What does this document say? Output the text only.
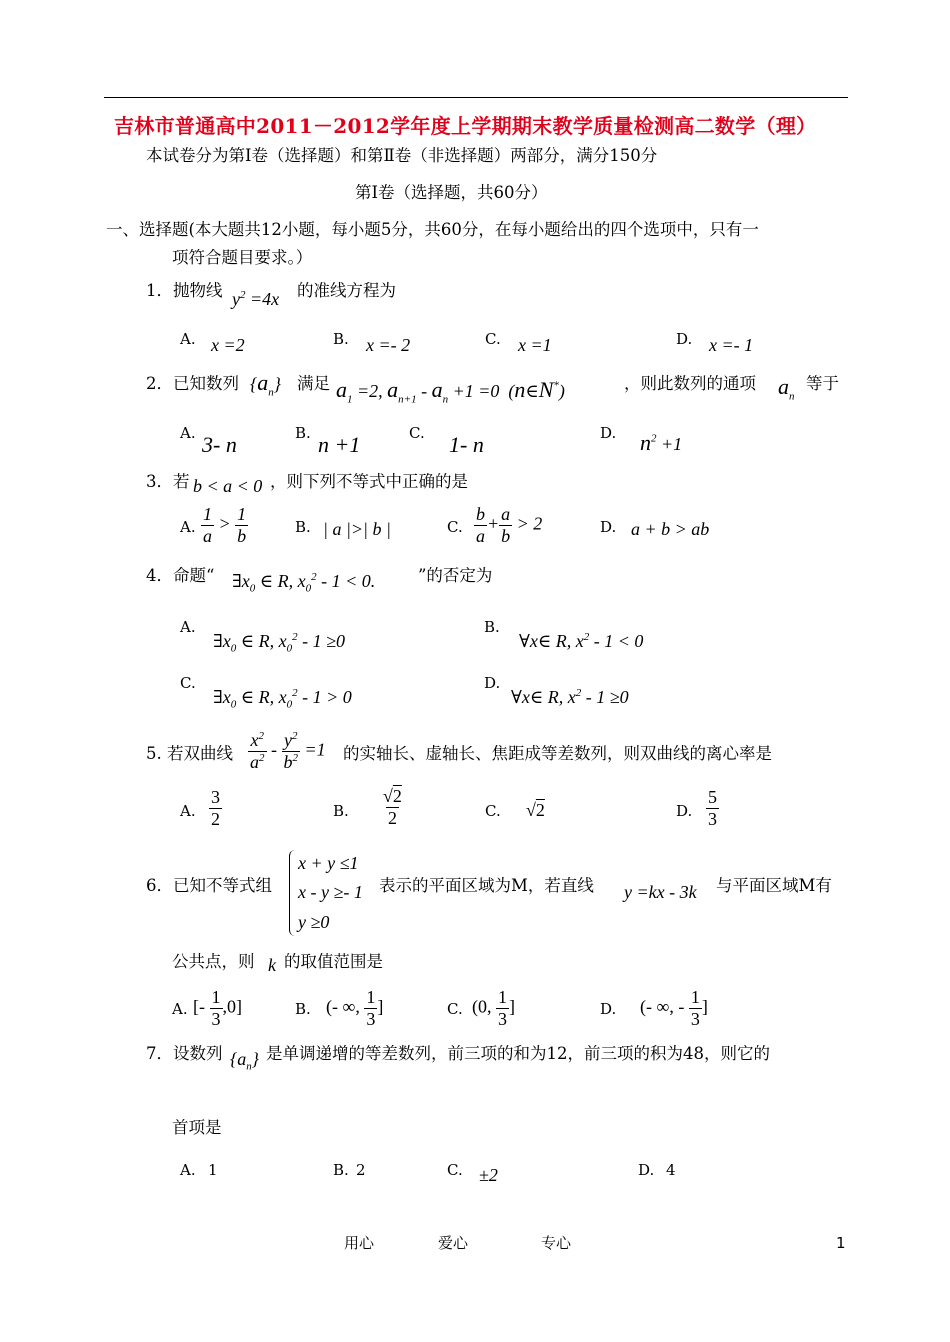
吉林市普通高中2011－2012学年度上学期期末教学质量检测高二数学（理）
本试卷分为第Ⅰ卷（选择题）和第Ⅱ卷（非选择题）两部分，满分150分
第Ⅰ卷（选择题，共60分）
一、选择题(本大题共12小题，每小题5分，共60分，在每小题给出的四个选项中，只有一
项符合题目要求。）
1．抛物线 $y^2 =4x$ 的准线方程为
A. x =2	B. x =- 2	C. x =1	D. x =- 1
2．已知数列 $\{a_n\}$ 满足 $a_1 =2$, $a_{n+1} - a_n +1 =0$  (n∈N*)	，则此数列的通项 $a_n$
等于
A. 3- n	B. n +1	C. 1- n	D. $n^2 +1$
3．若 b < a < 0 ，则下列不等式中正确的是
A. $\frac{1}{a} > \frac{1}{b}$	B. | a |>| b |	C. $\frac{b}{a} + \frac{a}{b} > 2$	D. a + b > ab
4．命题“ $\exists x_0$ ∈ R, $x_0^2 - 1 < 0$.	”的否定为
A.
$\exists x_0$ ∈ R, $x_0^2 - 1 \ge 0$
B.
∀x∈ R, $x^2 - 1 < 0$
C.
$\exists x_0$ ∈ R, $x_0^2 - 1 > 0$
D.
∀x∈ R, $x^2 - 1 \ge 0$
5. 若双曲线 $\frac{x^2}{a^2} - \frac{y^2}{b^2} =1$ 的实轴长、虚轴长、焦距成等差数列，则双曲线的离心率是
A. $\frac{3}{2}$	B. $\frac{√2}{2}$	C. √2	D. $\frac{5}{3}$
6．已知不等式组
x + y ≤1
x - y ≥- 1
y ≥0
表示的平面区域为M，若直线 y =kx - 3k 与平面区域M有
公共点，则 k 的取值范围是
A. [- $\frac{1}{3} ,0$]	B. (- ∞, $\frac{1}{3}$ ]	C. (0, $\frac{1}{3}$ ]	D. (- ∞, - $\frac{1}{3}$ ]
7．设数列 $\{a_n\}$ 是单调递增的等差数列，前三项的和为12，前三项的积为48，则它的
首项是
A. 1	B. 2	C. ±2	D. 4
用心	爱心	专心	1
